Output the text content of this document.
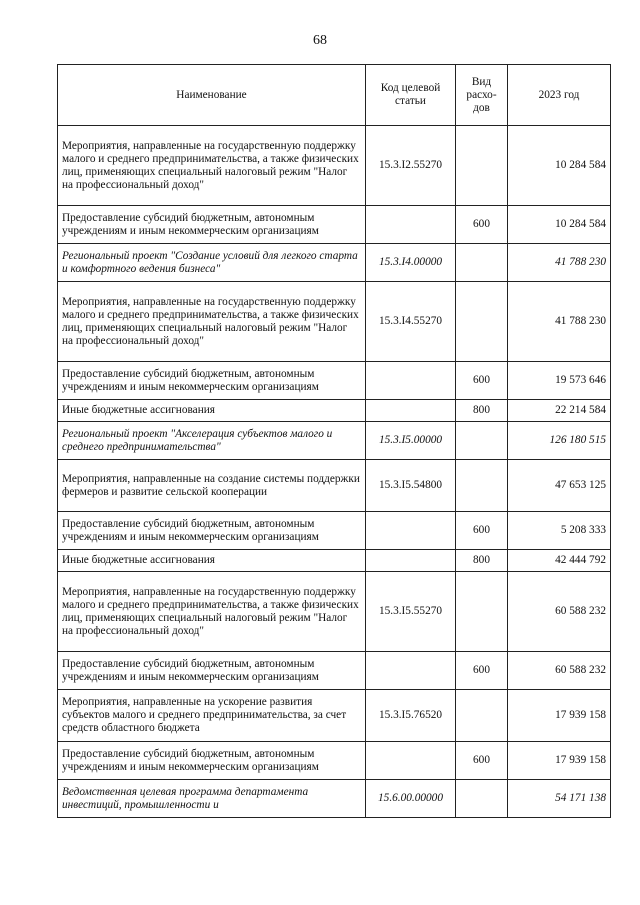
68
Наименование	Код целевой статьи	Вид расхо-дов	2023 год
Мероприятия, направленные на государственную поддержку малого и среднего предпринимательства, а также физических лиц, применяющих специальный налоговый режим "Налог на профессиональный доход"	15.3.I2.55270		10 284 584
Предоставление субсидий бюджетным, автономным учреждениям и иным некоммерческим организациям		600	10 284 584
Региональный проект "Создание условий для легкого старта и комфортного ведения бизнеса"	15.3.I4.00000		41 788 230
Мероприятия, направленные на государственную поддержку малого и среднего предпринимательства, а также физических лиц, применяющих специальный налоговый режим "Налог на профессиональный доход"	15.3.I4.55270		41 788 230
Предоставление субсидий бюджетным, автономным учреждениям и иным некоммерческим организациям		600	19 573 646
Иные бюджетные ассигнования		800	22 214 584
Региональный проект "Акселерация субъектов малого и среднего предпринимательства"	15.3.I5.00000		126 180 515
Мероприятия, направленные на создание системы поддержки фермеров и развитие сельской кооперации	15.3.I5.54800		47 653 125
Предоставление субсидий бюджетным, автономным учреждениям и иным некоммерческим организациям		600	5 208 333
Иные бюджетные ассигнования		800	42 444 792
Мероприятия, направленные на государственную поддержку малого и среднего предпринимательства, а также физических лиц, применяющих специальный налоговый режим "Налог на профессиональный доход"	15.3.I5.55270		60 588 232
Предоставление субсидий бюджетным, автономным учреждениям и иным некоммерческим организациям		600	60 588 232
Мероприятия, направленные на ускорение развития субъектов малого и среднего предпринимательства, за счет средств областного бюджета	15.3.I5.76520		17 939 158
Предоставление субсидий бюджетным, автономным учреждениям и иным некоммерческим организациям		600	17 939 158
Ведомственная целевая программа департамента инвестиций, промышленности и	15.6.00.00000		54 171 138
